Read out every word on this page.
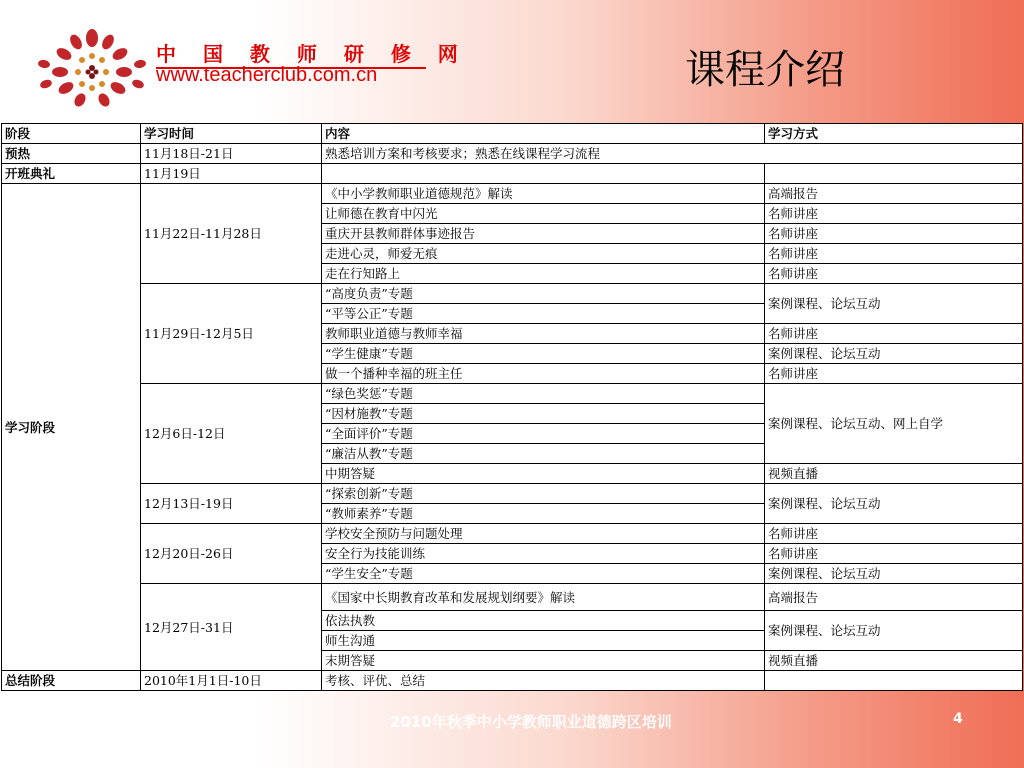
中 国 教 师 研 修 网
www.teacherclub.com.cn	课程介绍
阶段	学习时间	内容	学习方式
预热	11月18日-21日	熟悉培训方案和考核要求；熟悉在线课程学习流程	
开班典礼	11月19日		
学习阶段	11月22日-11月28日	《中小学教师职业道德规范》解读	高端报告
		让师德在教育中闪光	名师讲座
		重庆开县教师群体事迹报告	名师讲座
		走进心灵，师爱无痕	名师讲座
		走在行知路上	名师讲座
	11月29日-12月5日	“高度负责”专题	案例课程、论坛互动
		“平等公正”专题	
		教师职业道德与教师幸福	名师讲座
		“学生健康”专题	案例课程、论坛互动
		做一个播种幸福的班主任	名师讲座
	12月6日-12日	“绿色奖惩”专题	案例课程、论坛互动、网上自学
		“因材施教”专题	
		“全面评价”专题	
		“廉洁从教”专题	
		中期答疑	视频直播
	12月13日-19日	“探索创新”专题	案例课程、论坛互动
		“教师素养”专题	
	12月20日-26日	学校安全预防与问题处理	名师讲座
		安全行为技能训练	名师讲座
		“学生安全”专题	案例课程、论坛互动
	12月27日-31日	《国家中长期教育改革和发展规划纲要》解读	高端报告
		依法执教	案例课程、论坛互动
		师生沟通	
		末期答疑	视频直播
总结阶段	2010年1月1日-10日	考核、评优、总结	
2010年秋季中小学教师职业道德跨区培训	4
